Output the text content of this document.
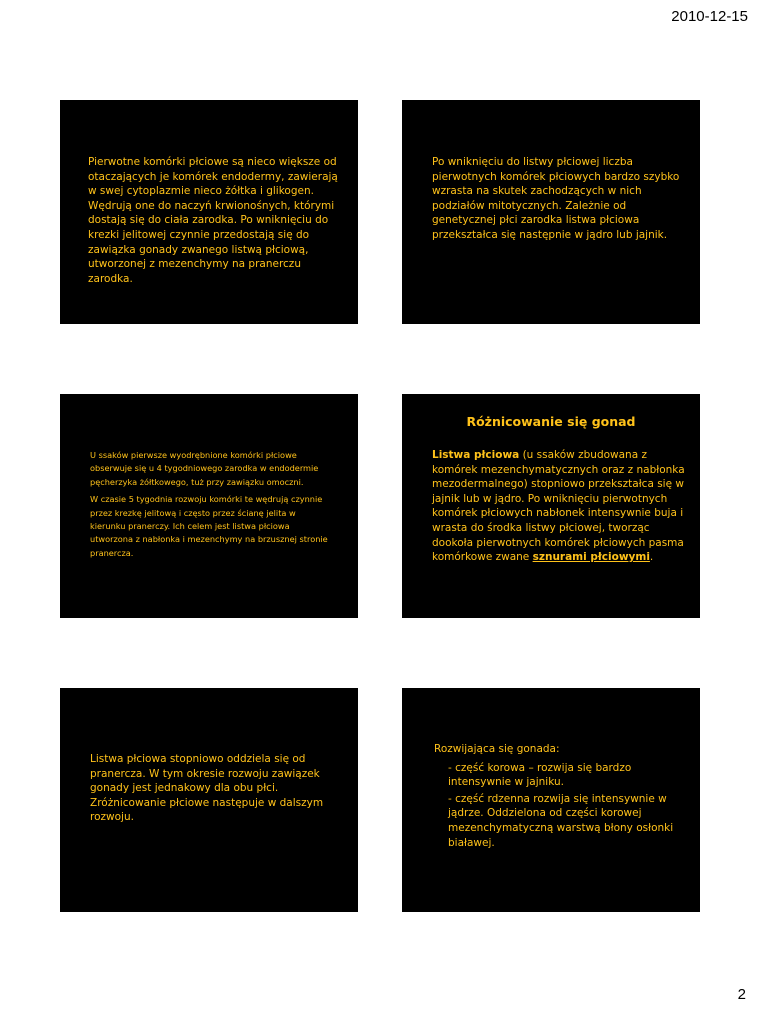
2010-12-15

Pierwotne komórki płciowe są nieco większe od otaczających je komórek endodermy, zawierają w swej cytoplazmie nieco żółtka i glikogen. Wędrują one do naczyń krwionośnych, którymi dostają się do ciała zarodka. Po wniknięciu do krezki jelitowej czynnie przedostają się do zawiązka gonady zwanego listwą płciową, utworzonej z mezenchymy na pranerczu zarodka.

Po wniknięciu do listwy płciowej liczba pierwotnych komórek płciowych bardzo szybko wzrasta na skutek zachodzących w nich podziałów mitotycznych. Zależnie od genetycznej płci zarodka listwa płciowa przekształca się następnie w jądro lub jajnik.

U ssaków pierwsze wyodrębnione komórki płciowe obserwuje się u 4 tygodniowego zarodka w endodermie pęcherzyka żółtkowego, tuż przy zawiązku omoczni.

W czasie 5 tygodnia rozwoju komórki te wędrują czynnie przez krezkę jelitową i często przez ścianę jelita w kierunku pranerczy. Ich celem jest listwa płciowa utworzona z nabłonka i mezenchymy na brzusznej stronie pranercza.

Różnicowanie się gonad

Listwa płciowa (u ssaków zbudowana z komórek mezenchymatycznych oraz z nabłonka mezodermalnego) stopniowo przekształca się w jajnik lub w jądro. Po wniknięciu pierwotnych komórek płciowych nabłonek intensywnie buja i wrasta do środka listwy płciowej, tworząc dookoła pierwotnych komórek płciowych pasma komórkowe zwane sznurami płciowymi.

Listwa płciowa stopniowo oddziela się od pranercza. W tym okresie rozwoju zawiązek gonady jest jednakowy dla obu płci. Zróżnicowanie płciowe następuje w dalszym rozwoju.

Rozwijająca się gonada:

- część korowa – rozwija się bardzo intensywnie w jajniku.

- część rdzenna rozwija się intensywnie w jądrze. Oddzielona od części korowej mezenchymatyczną warstwą błony osłonki białawej.

2
